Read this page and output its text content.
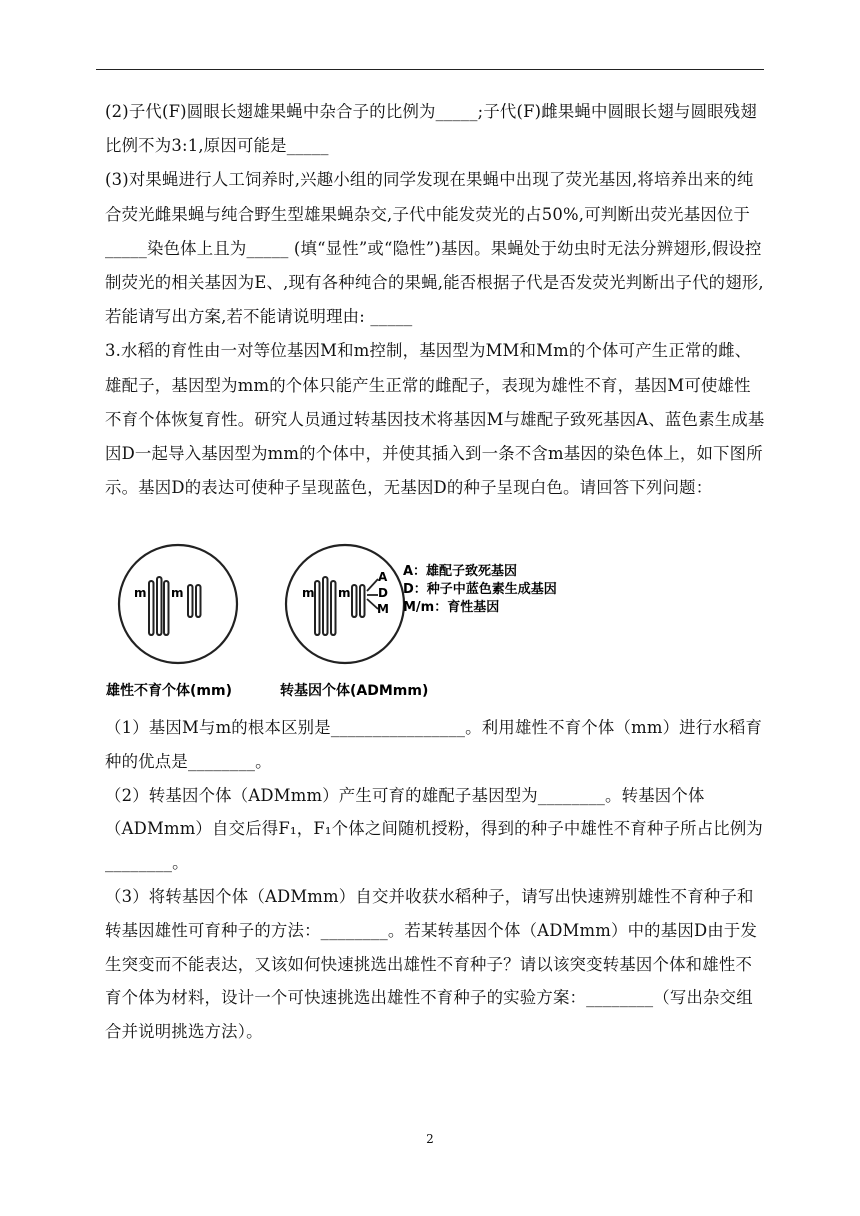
(2)子代(F)圆眼长翅雄果蝇中杂合子的比例为_____;子代(F)雌果蝇中圆眼长翅与圆眼残翅比例不为3:1,原因可能是_____

(3)对果蝇进行人工饲养时,兴趣小组的同学发现在果蝇中出现了荧光基因,将培养出来的纯合荧光雌果蝇与纯合野生型雄果蝇杂交,子代中能发荧光的占50%,可判断出荧光基因位于_____染色体上且为_____ (填“显性”或“隐性”)基因。果蝇处于幼虫时无法分辨翅形,假设控制荧光的相关基因为E、,现有各种纯合的果蝇,能否根据子代是否发荧光判断出子代的翅形,若能请写出方案,若不能请说明理由: _____

3.水稻的育性由一对等位基因M和m控制，基因型为MM和Mm的个体可产生正常的雌、雄配子，基因型为mm的个体只能产生正常的雌配子，表现为雄性不育，基因M可使雄性不育个体恢复育性。研究人员通过转基因技术将基因M与雄配子致死基因A、蓝色素生成基因D一起导入基因型为mm的个体中，并使其插入到一条不含m基因的染色体上，如下图所示。基因D的表达可使种子呈现蓝色，无基因D的种子呈现白色。请回答下列问题：

m m	m m
A
D
M
A：雄配子致死基因
D：种子中蓝色素生成基因
M/m：育性基因
雄性不育个体(mm)	转基因个体(ADMmm)

（1）基因M与m的根本区别是________________。利用雄性不育个体（mm）进行水稻育种的优点是________。

（2）转基因个体（ADMmm）产生可育的雄配子基因型为________。转基因个体（ADMmm）自交后得F₁，F₁个体之间随机授粉，得到的种子中雄性不育种子所占比例为________。

（3）将转基因个体（ADMmm）自交并收获水稻种子，请写出快速辨别雄性不育种子和转基因雄性可育种子的方法：________。若某转基因个体（ADMmm）中的基因D由于发生突变而不能表达，又该如何快速挑选出雄性不育种子？请以该突变转基因个体和雄性不育个体为材料，设计一个可快速挑选出雄性不育种子的实验方案：________（写出杂交组合并说明挑选方法）。

2
